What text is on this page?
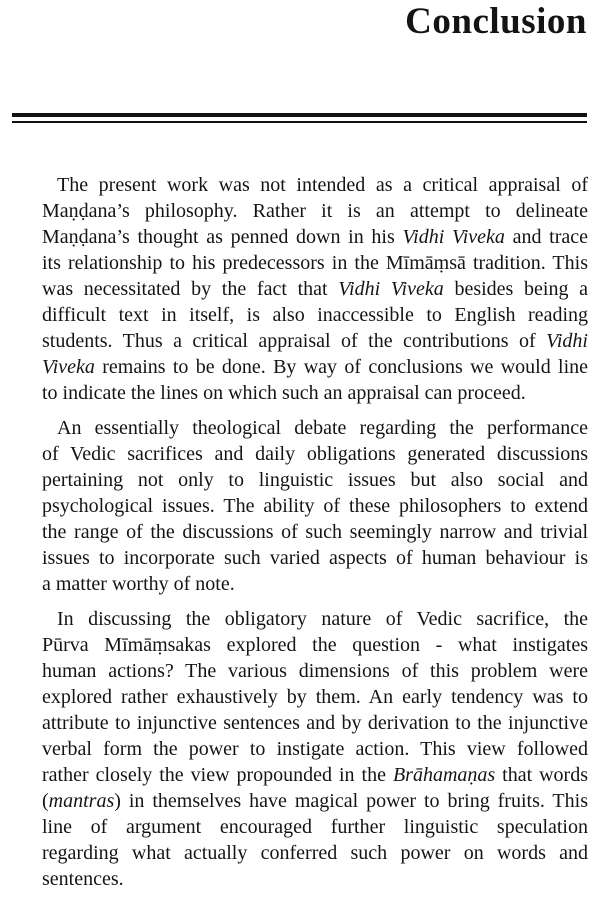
Conclusion
The present work was not intended as a critical appraisal of
Maṇḍana’s philosophy. Rather it is an attempt to delineate
Maṇḍana’s thought as penned down in his Vidhi Viveka and trace
its relationship to his predecessors in the Mīmāṃsā tradition. This
was necessitated by the fact that Vidhi Viveka besides being a
difficult text in itself, is also inaccessible to English reading
students. Thus a critical appraisal of the contributions of Vidhi
Viveka remains to be done. By way of conclusions we would line
to indicate the lines on which such an appraisal can proceed.
An essentially theological debate regarding the performance
of Vedic sacrifices and daily obligations generated discussions
pertaining not only to linguistic issues but also social and
psychological issues. The ability of these philosophers to extend
the range of the discussions of such seemingly narrow and trivial
issues to incorporate such varied aspects of human behaviour is
a matter worthy of note.
In discussing the obligatory nature of Vedic sacrifice, the
Pūrva Mīmāṃsakas explored the question - what instigates
human actions? The various dimensions of this problem were
explored rather exhaustively by them. An early tendency was to
attribute to injunctive sentences and by derivation to the injunctive
verbal form the power to instigate action. This view followed
rather closely the view propounded in the Brāhamaṇas that words
(mantras) in themselves have magical power to bring fruits. This
line of argument encouraged further linguistic speculation
regarding what actually conferred such power on words and
sentences.
